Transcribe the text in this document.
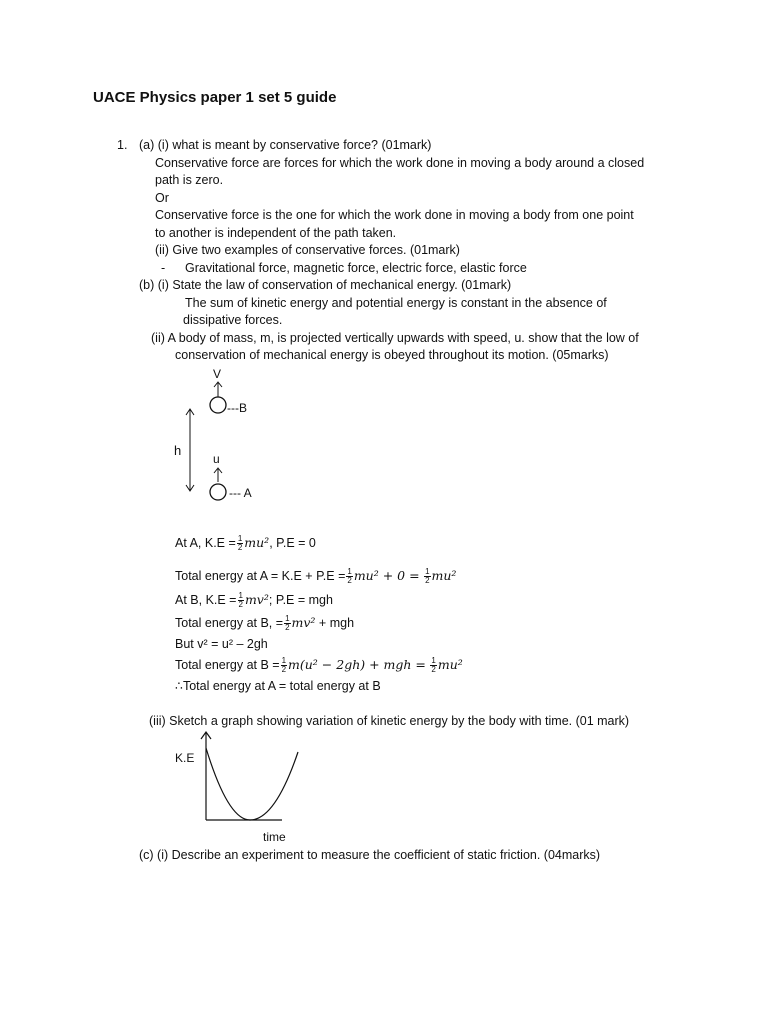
UACE Physics paper 1 set 5 guide
1. (a) (i) what is meant by conservative force? (01mark)
Conservative force are forces for which the work done in moving a body around a closed
path is zero.
Or
Conservative force is the one for which the work done in moving a body from one point
to another is independent of the path taken.
(ii) Give two examples of conservative forces. (01mark)
- Gravitational force, magnetic force, electric force, elastic force
(b) (i) State the law of conservation of mechanical energy. (01mark)
The sum of kinetic energy and potential energy is constant in the absence of
dissipative forces.
(ii) A body of mass, m, is projected vertically upwards with speed, u. show that the low of
conservation of mechanical energy is obeyed throughout its motion. (05marks)
V
---B
h
u
--- A
At A, $K.E = \frac{1}{2} mu^2$, P.E = 0
Total energy at $A = K.E + P.E = \frac{1}{2} mu^2 + 0 = \frac{1}{2} mu^2$
At B, $K.E = \frac{1}{2} mv^2$; P.E = mgh
Total energy at B, = $\frac{1}{2} mv^2$ + mgh
But v² = u² – 2gh
Total energy at $B = \frac{1}{2} m(u^2 - 2gh)$ + mgh = $\frac{1}{2} mu^2$
∴Total energy at A = total energy at B
(iii) Sketch a graph showing variation of kinetic energy by the body with time. (01 mark)
K.E
time
(c) (i) Describe an experiment to measure the coefficient of static friction. (04marks)
